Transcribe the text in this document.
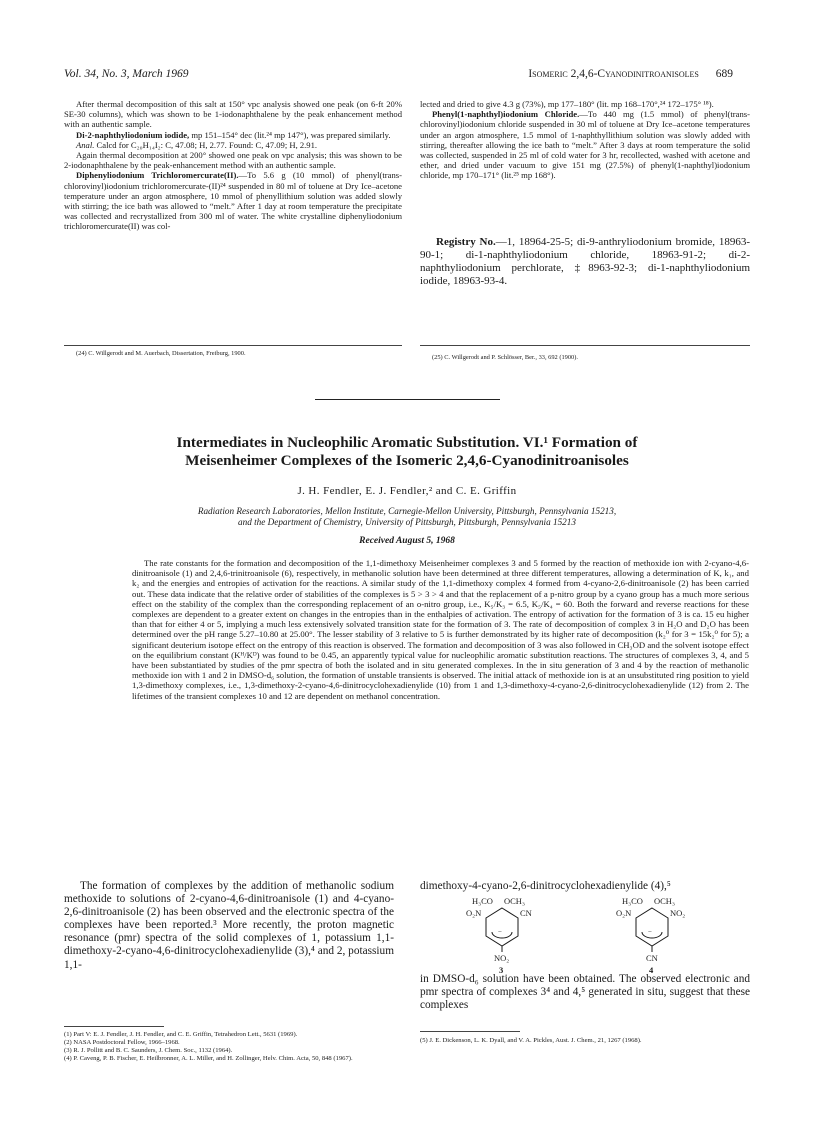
Vol. 34, No. 3, March 1969	Isomeric 2,4,6-Cyanodinitroanisoles 689

After thermal decomposition of this salt at 150° vpc analysis showed one peak (on 6-ft 20% SE-30 columns), which was shown to be 1-iodonaphthalene by the peak enhancement method with an authentic sample.

Di-2-naphthyliodonium iodide, mp 151–154° dec (lit.²⁴ mp 147°), was prepared similarly.

Anal. Calcd for C₂₀H₁₄I₂: C, 47.08; H, 2.77. Found: C, 47.09; H, 2.91.

Again thermal decomposition at 200° showed one peak on vpc analysis; this was shown to be 2-iodonaphthalene by the peak-enhancement method with an authentic sample.

Diphenyliodonium Trichloromercurate(II).—To 5.6 g (10 mmol) of phenyl(trans-chlorovinyl)iodonium trichloromercurate-(II)²⁴ suspended in 80 ml of toluene at Dry Ice–acetone temperature under an argon atmosphere, 10 mmol of phenyllithium solution was added slowly with stirring; the ice bath was allowed to “melt.” After 1 day at room temperature the precipitate was collected and recrystallized from 300 ml of water. The white crystalline diphenyliodonium trichloromercurate(II) was col-

lected and dried to give 4.3 g (73%), mp 177–180° (lit. mp 168–170°,²⁴ 172–175° ¹⁸).

Phenyl(1-naphthyl)iodonium Chloride.—To 440 mg (1.5 mmol) of phenyl(trans-chlorovinyl)iodonium chloride suspended in 30 ml of toluene at Dry Ice–acetone temperatures under an argon atmosphere, 1.5 mmol of 1-naphthyllithium solution was slowly added with stirring, thereafter allowing the ice bath to “melt.” After 3 days at room temperature the solid was collected, suspended in 25 ml of cold water for 3 hr, recollected, washed with acetone and ether, and dried under vacuum to give 151 mg (27.5%) of phenyl(1-naphthyl)iodonium chloride, mp 170–171° (lit.²⁵ mp 168°).

Registry No.—1, 18964-25-5; di-9-anthryliodonium bromide, 18963-90-1; di-1-naphthyliodonium chloride, 18963-91-2; di-2-naphthyliodonium perchlorate, ‡8963-92-3; di-1-naphthyliodonium iodide, 18963-93-4.
(24) C. Willgerodt and M. Auerbach, Dissertation, Freiburg, 1900.
(25) C. Willgerodt and P. Schlösser, Ber., 33, 692 (1900).
Intermediates in Nucleophilic Aromatic Substitution. VI.¹ Formation of
Meisenheimer Complexes of the Isomeric 2,4,6-Cyanodinitroanisoles
J. H. Fendler, E. J. Fendler,² and C. E. Griffin
Radiation Research Laboratories, Mellon Institute, Carnegie-Mellon University, Pittsburgh, Pennsylvania 15213,
and the Department of Chemistry, University of Pittsburgh, Pittsburgh, Pennsylvania 15213
Received August 5, 1968
The rate constants for the formation and decomposition of the 1,1-dimethoxy Meisenheimer complexes 3 and 5 formed by the reaction of methoxide ion with 2-cyano-4,6-dinitroanisole (1) and 2,4,6-trinitroanisole (6), respectively, in methanolic solution have been determined at three different temperatures, allowing a determination of K, k₁, and k₂ and the energies and entropies of activation for the reactions. A similar study of the 1,1-dimethoxy complex 4 formed from 4-cyano-2,6-dinitroanisole (2) has been carried out. These data indicate that the relative order of stabilities of the complexes is 5 > 3 > 4 and that the replacement of a p-nitro group by a cyano group has a much more serious effect on the stability of the complex than the corresponding replacement of an o-nitro group, i.e., K₅/K₃ = 6.5, K₅/K₄ = 60. Both the forward and reverse reactions for these complexes are dependent to a greater extent on changes in the entropies than in the enthalpies of activation. The entropy of activation for the formation of 3 is ca. 15 eu higher than that for either 4 or 5, implying a much less extensively solvated transition state for the formation of 3. The rate of decomposition of complex 3 in H₂O and D₂O has been determined over the pH range 5.27–10.80 at 25.00°. The lesser stability of 3 relative to 5 is further demonstrated by its higher rate of decomposition (k₂⁰ for 3 = 15k₂⁰ for 5); a significant deuterium isotope effect on the entropy of this reaction is observed. The formation and decomposition of 3 was also followed in CH₃OD and the solvent isotope effect on the equilibrium constant (Kᴴ/Kᴰ) was found to be 0.45, an apparently typical value for nucleophilic aromatic substitution reactions. The structures of complexes 3, 4, and 5 have been substantiated by studies of the pmr spectra of both the isolated and in situ generated complexes. In the in situ generation of 3 and 4 by the reaction of methanolic methoxide ion with 1 and 2 in DMSO-d₆ solution, the formation of unstable transients is observed. The initial attack of methoxide ion is at an unsubstituted ring position to yield 1,3-dimethoxy complexes, i.e., 1,3-dimethoxy-2-cyano-4,6-dinitrocyclohexadienylide (10) from 1 and 1,3-dimethoxy-4-cyano-2,6-dinitrocyclohexadienylide (12) from 2. The lifetimes of the transient complexes 10 and 12 are dependent on methanol concentration.
The formation of complexes by the addition of methanolic sodium methoxide to solutions of 2-cyano-4,6-dinitroanisole (1) and 4-cyano-2,6-dinitroanisole (2) has been observed and the electronic spectra of the complexes have been reported.³ More recently, the proton magnetic resonance (pmr) spectra of the solid complexes of 1, potassium 1,1-dimethoxy-2-cyano-4,6-dinitrocyclohexadienylide (3),⁴ and 2, potassium 1,1-
dimethoxy-4-cyano-2,6-dinitrocyclohexadienylide (4),⁵
H₃CO OCH₃
O₂N	CN
−
NO₂
3
H₃CO OCH₃
O₂N	NO₂
−
CN
4
in DMSO-d₆ solution have been obtained. The observed electronic and pmr spectra of complexes 3⁴ and 4,⁵ generated in situ, suggest that these complexes

(1) Part V: E. J. Fendler, J. H. Fendler, and C. E. Griffin, Tetrahedron Lett., 5631 (1969).

(2) NASA Postdoctoral Fellow, 1966–1968.

(3) R. J. Pollitt and B. C. Saunders, J. Chem. Soc., 1132 (1964).

(4) P. Caveng, P. B. Fischer, E. Heilbronner, A. L. Miller, and H. Zollinger, Helv. Chim. Acta, 50, 848 (1967).

(5) J. E. Dickenson, L. K. Dyall, and V. A. Pickles, Aust. J. Chem., 21, 1267 (1968).
